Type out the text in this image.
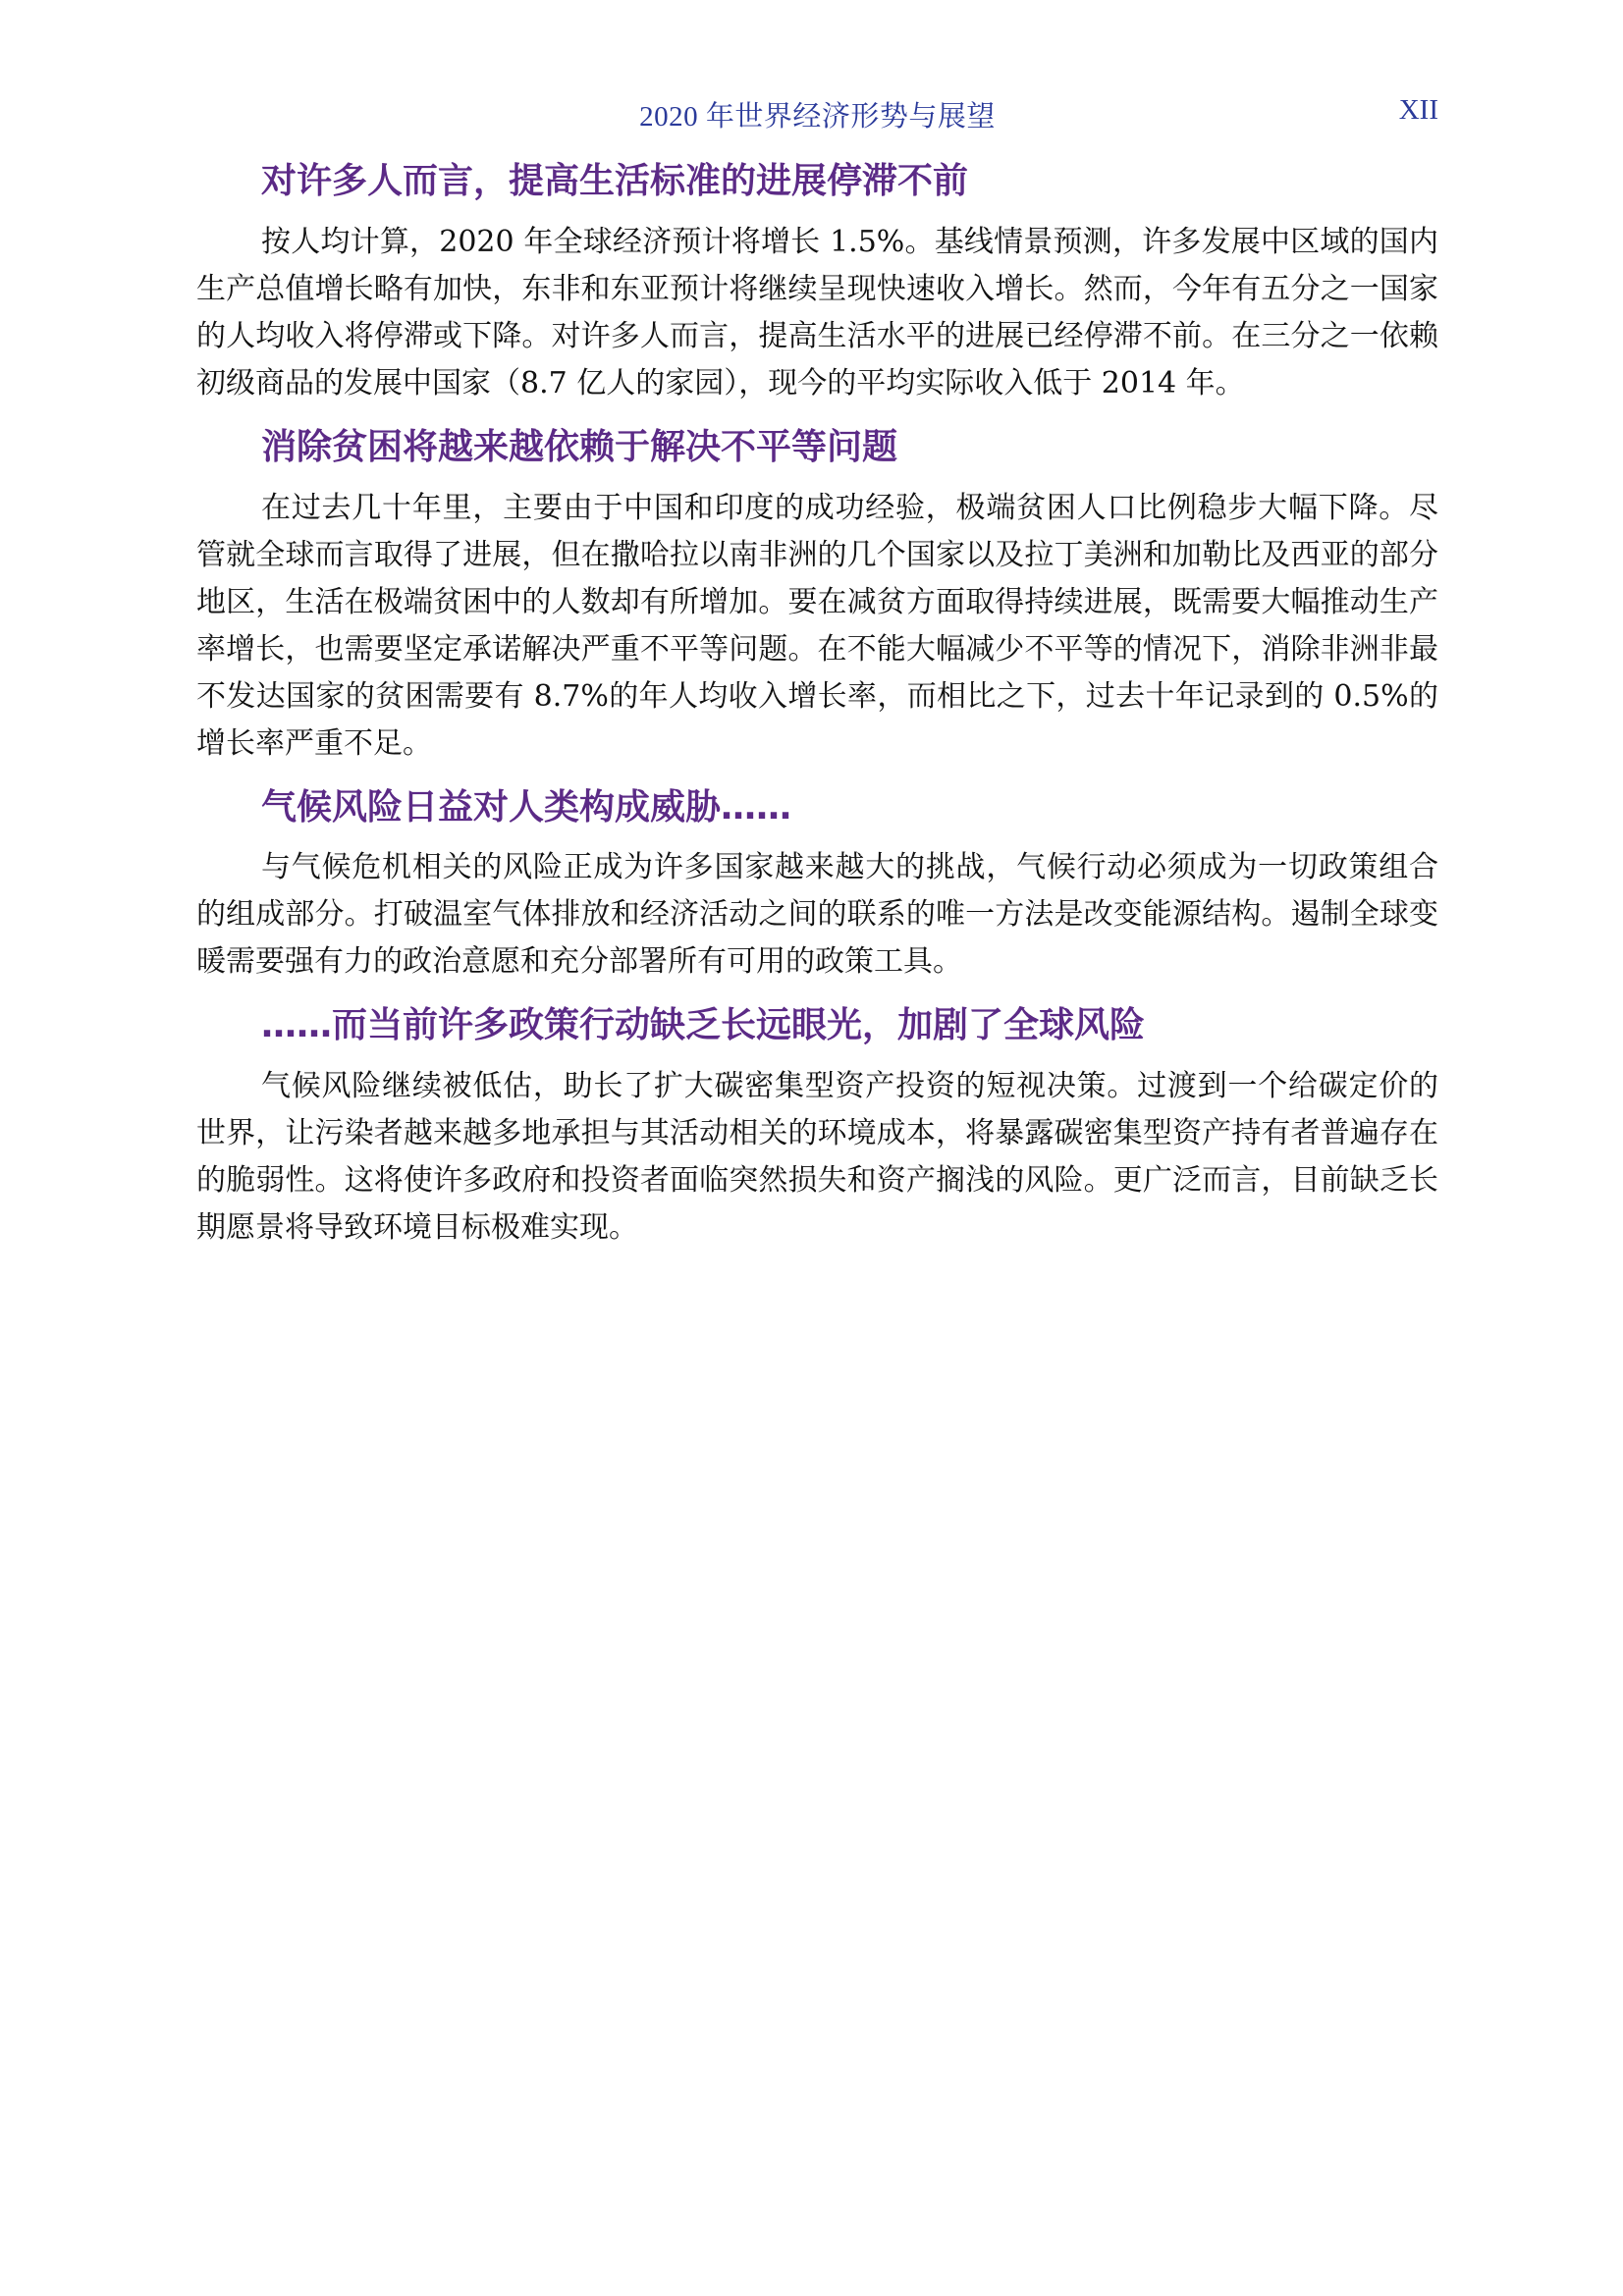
2020 年世界经济形势与展望	XII
对许多人而言，提高生活标准的进展停滞不前

按人均计算，2020 年全球经济预计将增长 1.5%。基线情景预测，许多发展中区域的国内生产总值增长略有加快，东非和东亚预计将继续呈现快速收入增长。然而，今年有五分之一国家的人均收入将停滞或下降。对许多人而言，提高生活水平的进展已经停滞不前。在三分之一依赖初级商品的发展中国家（8.7 亿人的家园），现今的平均实际收入低于 2014 年。

消除贫困将越来越依赖于解决不平等问题

在过去几十年里，主要由于中国和印度的成功经验，极端贫困人口比例稳步大幅下降。尽管就全球而言取得了进展，但在撒哈拉以南非洲的几个国家以及拉丁美洲和加勒比及西亚的部分地区，生活在极端贫困中的人数却有所增加。要在减贫方面取得持续进展，既需要大幅推动生产率增长，也需要坚定承诺解决严重不平等问题。在不能大幅减少不平等的情况下，消除非洲非最不发达国家的贫困需要有 8.7%的年人均收入增长率，而相比之下，过去十年记录到的 0.5%的增长率严重不足。

气候风险日益对人类构成威胁……

与气候危机相关的风险正成为许多国家越来越大的挑战，气候行动必须成为一切政策组合的组成部分。打破温室气体排放和经济活动之间的联系的唯一方法是改变能源结构。遏制全球变暖需要强有力的政治意愿和充分部署所有可用的政策工具。

……而当前许多政策行动缺乏长远眼光，加剧了全球风险

气候风险继续被低估，助长了扩大碳密集型资产投资的短视决策。过渡到一个给碳定价的世界，让污染者越来越多地承担与其活动相关的环境成本，将暴露碳密集型资产持有者普遍存在的脆弱性。这将使许多政府和投资者面临突然损失和资产搁浅的风险。更广泛而言，目前缺乏长期愿景将导致环境目标极难实现。
